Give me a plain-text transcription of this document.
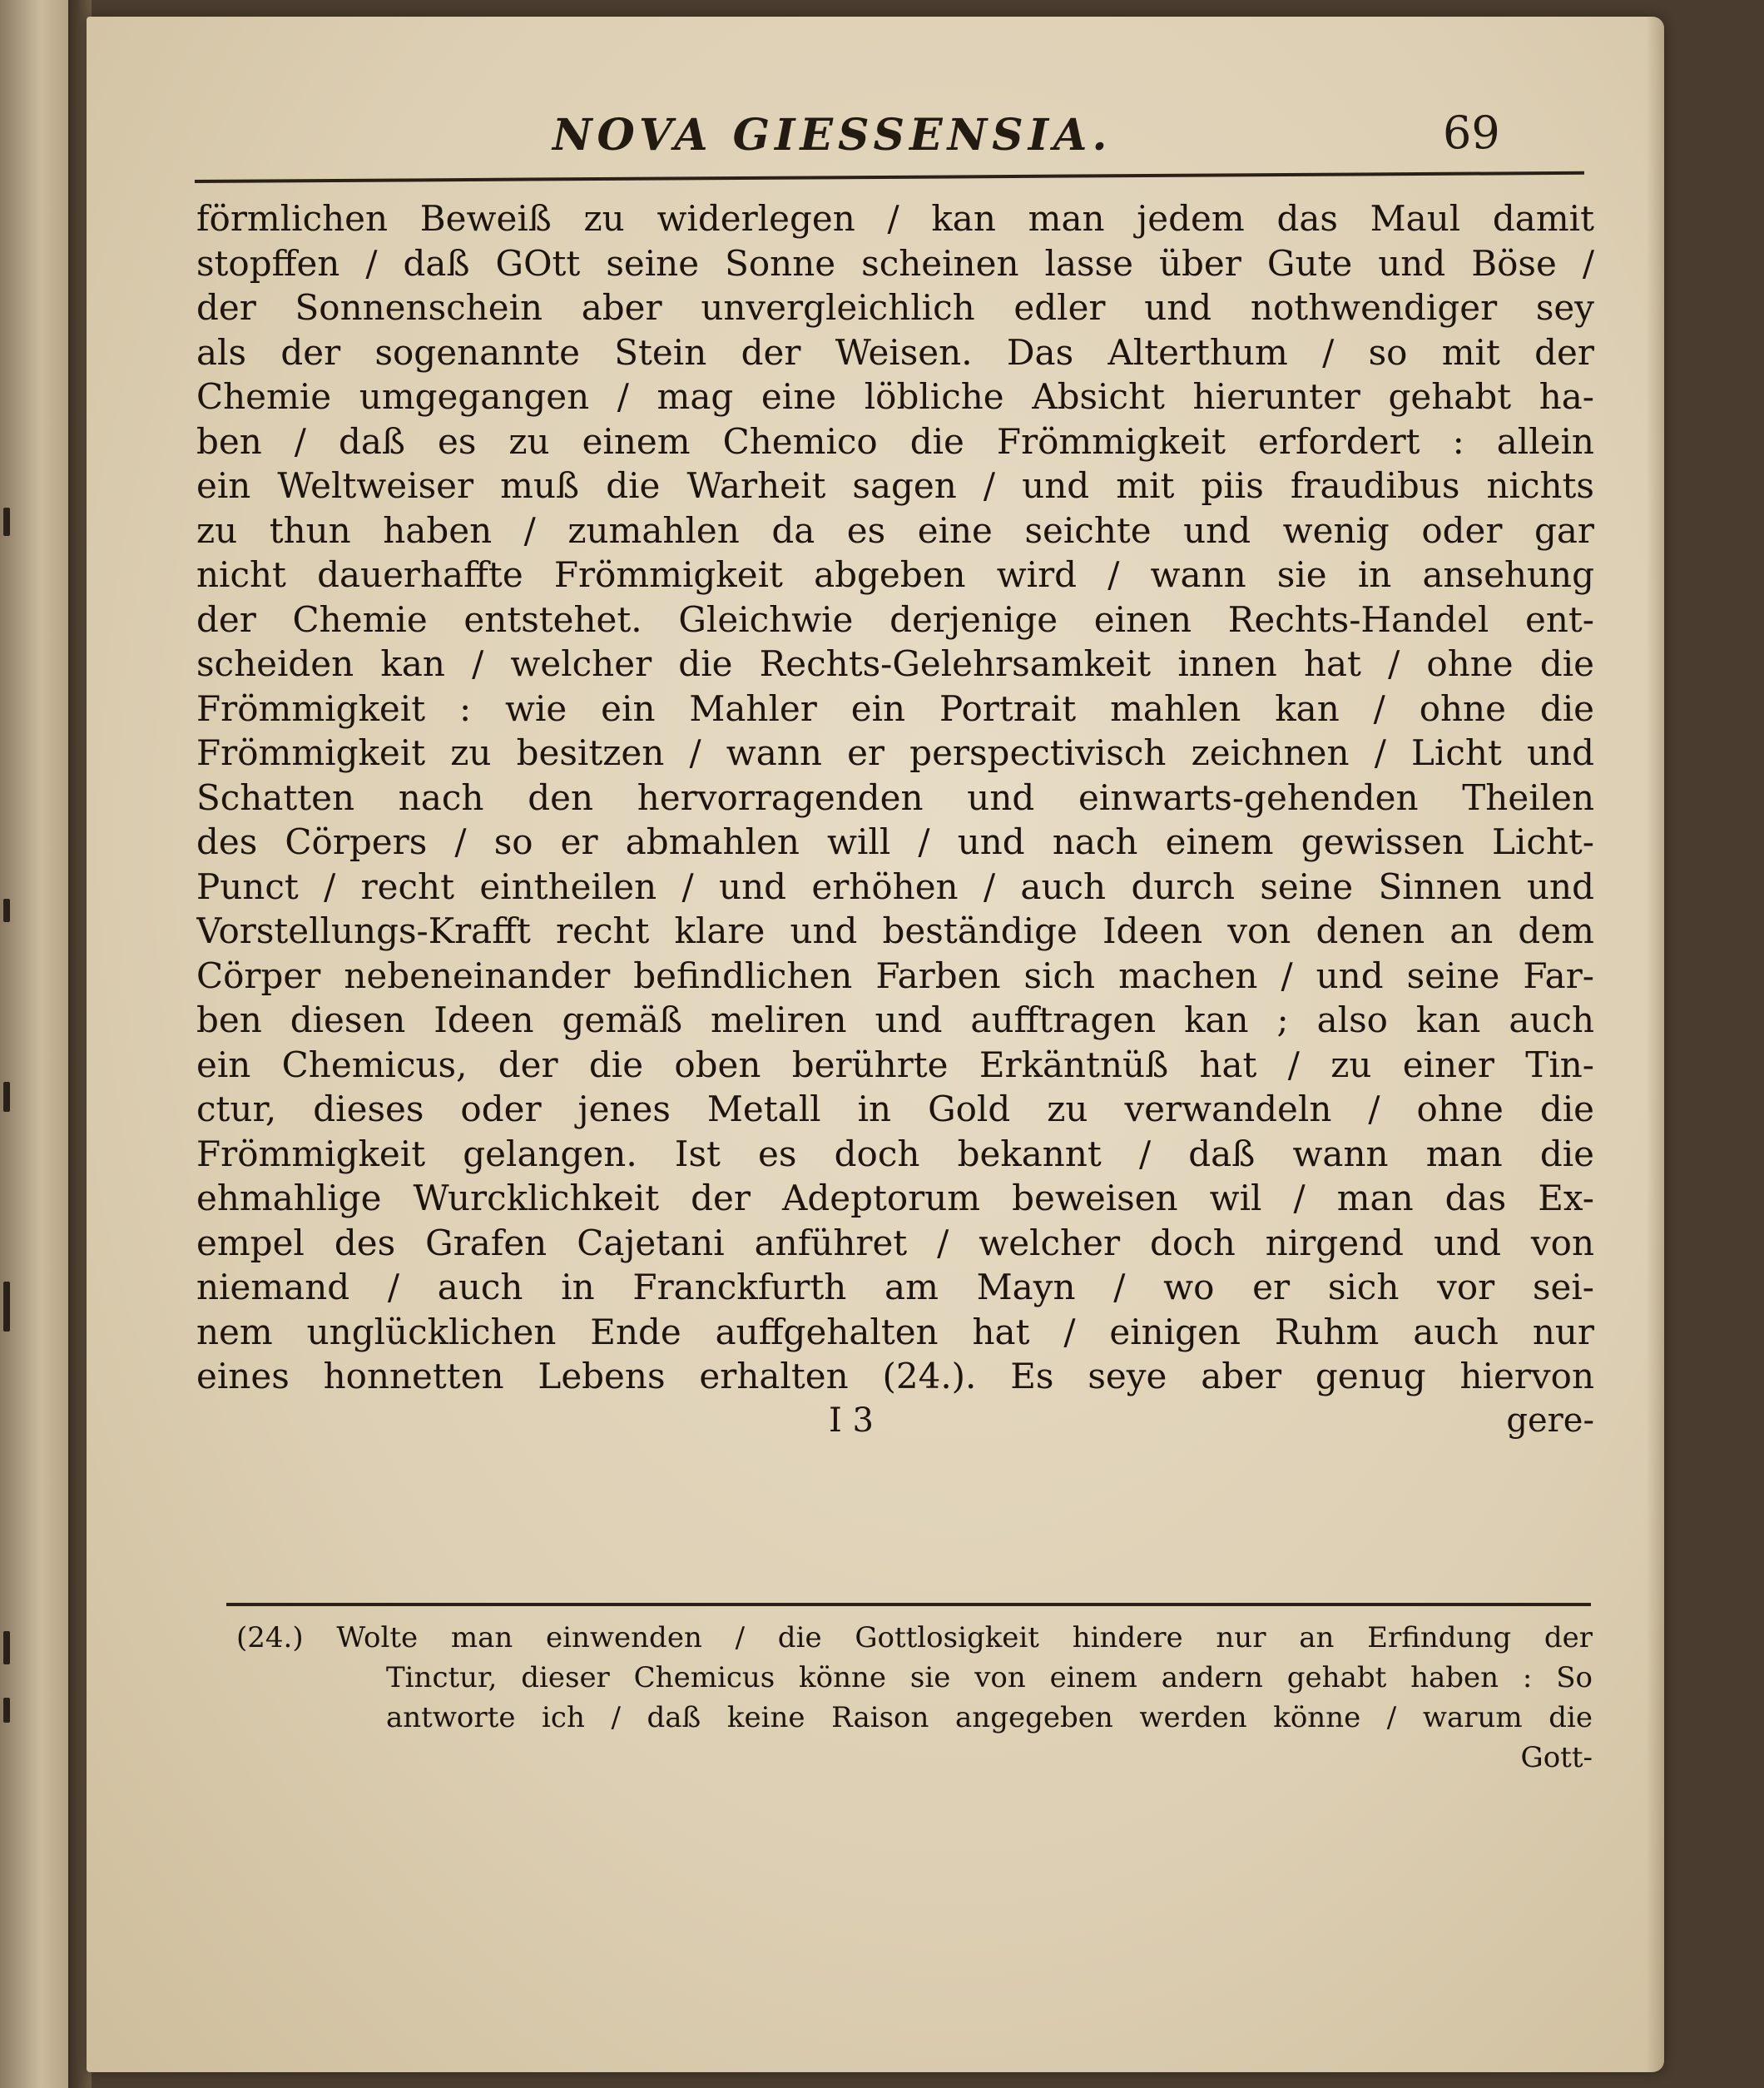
NOVA GIESSENSIA.	69
förmlichen Beweiß zu widerlegen / kan man jedem das Maul damit
stopffen / daß GOtt seine Sonne scheinen lasse über Gute und Böse /
der Sonnenschein aber unvergleichlich edler und nothwendiger sey
als der sogenannte Stein der Weisen. Das Alterthum / so mit der
Chemie umgegangen / mag eine löbliche Absicht hierunter gehabt ha-
ben / daß es zu einem Chemico die Frömmigkeit erfordert : allein
ein Weltweiser muß die Warheit sagen / und mit piis fraudibus nichts
zu thun haben / zumahlen da es eine seichte und wenig oder gar
nicht dauerhaffte Frömmigkeit abgeben wird / wann sie in ansehung
der Chemie entstehet. Gleichwie derjenige einen Rechts-Handel ent-
scheiden kan / welcher die Rechts-Gelehrsamkeit innen hat / ohne die
Frömmigkeit : wie ein Mahler ein Portrait mahlen kan / ohne die
Frömmigkeit zu besitzen / wann er perspectivisch zeichnen / Licht und
Schatten nach den hervorragenden und einwarts-gehenden Theilen
des Cörpers / so er abmahlen will / und nach einem gewissen Licht-
Punct / recht eintheilen / und erhöhen / auch durch seine Sinnen und
Vorstellungs-Krafft recht klare und beständige Ideen von denen an dem
Cörper nebeneinander befindlichen Farben sich machen / und seine Far-
ben diesen Ideen gemäß meliren und aufftragen kan ; also kan auch
ein Chemicus, der die oben berührte Erkäntnüß hat / zu einer Tin-
ctur, dieses oder jenes Metall in Gold zu verwandeln / ohne die
Frömmigkeit gelangen. Ist es doch bekannt / daß wann man die
ehmahlige Wurcklichkeit der Adeptorum beweisen wil / man das Ex-
empel des Grafen Cajetani anführet / welcher doch nirgend und von
niemand / auch in Franckfurth am Mayn / wo er sich vor sei-
nem unglücklichen Ende auffgehalten hat / einigen Ruhm auch nur
eines honnetten Lebens erhalten (24.). Es seye aber genug hiervon
I 3	gere-
(24.) Wolte man einwenden / die Gottlosigkeit hindere nur an Erfindung der
Tinctur, dieser Chemicus könne sie von einem andern gehabt haben : So
antworte ich / daß keine Raison angegeben werden könne / warum die
Gott-
